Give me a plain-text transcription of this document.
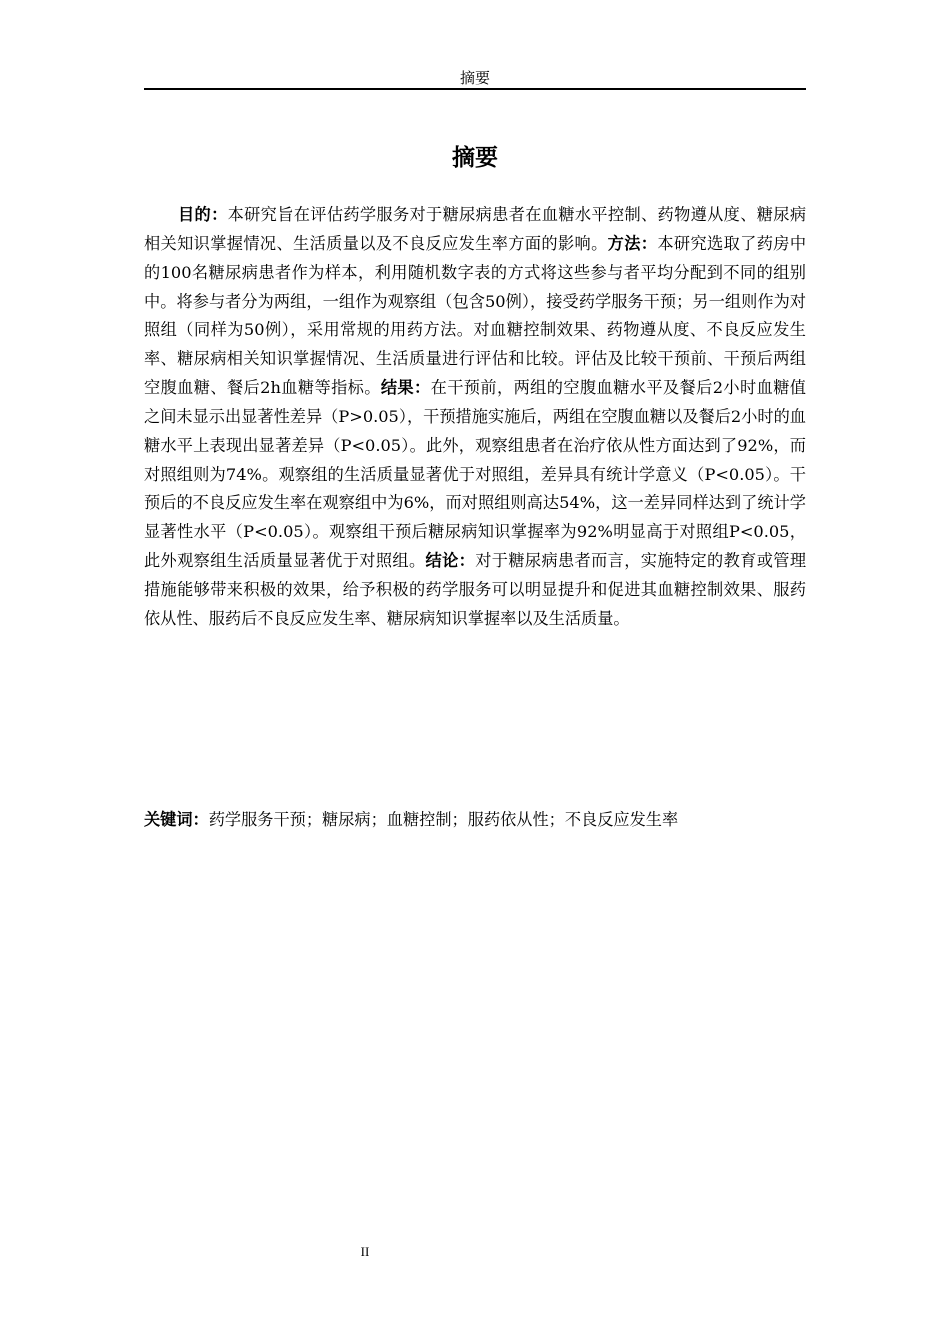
摘要
摘要

目的：本研究旨在评估药学服务对于糖尿病患者在血糖水平控制、药物遵从度、糖尿病相关知识掌握情况、生活质量以及不良反应发生率方面的影响。方法：本研究选取了药房中的100名糖尿病患者作为样本，利用随机数字表的方式将这些参与者平均分配到不同的组别中。将参与者分为两组，一组作为观察组（包含50例），接受药学服务干预；另一组则作为对照组（同样为50例），采用常规的用药方法。对血糖控制效果、药物遵从度、不良反应发生率、糖尿病相关知识掌握情况、生活质量进行评估和比较。评估及比较干预前、干预后两组空腹血糖、餐后2h血糖等指标。结果：在干预前，两组的空腹血糖水平及餐后2小时血糖值之间未显示出显著性差异（P>0.05），干预措施实施后，两组在空腹血糖以及餐后2小时的血糖水平上表现出显著差异（P<0.05）。此外，观察组患者在治疗依从性方面达到了92%，而对照组则为74%。观察组的生活质量显著优于对照组，差异具有统计学意义（P<0.05）。干预后的不良反应发生率在观察组中为6%，而对照组则高达54%，这一差异同样达到了统计学显著性水平（P<0.05）。观察组干预后糖尿病知识掌握率为92%明显高于对照组P<0.05，此外观察组生活质量显著优于对照组。结论：对于糖尿病患者而言，实施特定的教育或管理措施能够带来积极的效果，给予积极的药学服务可以明显提升和促进其血糖控制效果、服药依从性、服药后不良反应发生率、糖尿病知识掌握率以及生活质量。

关键词：药学服务干预；糖尿病；血糖控制；服药依从性；不良反应发生率

II
